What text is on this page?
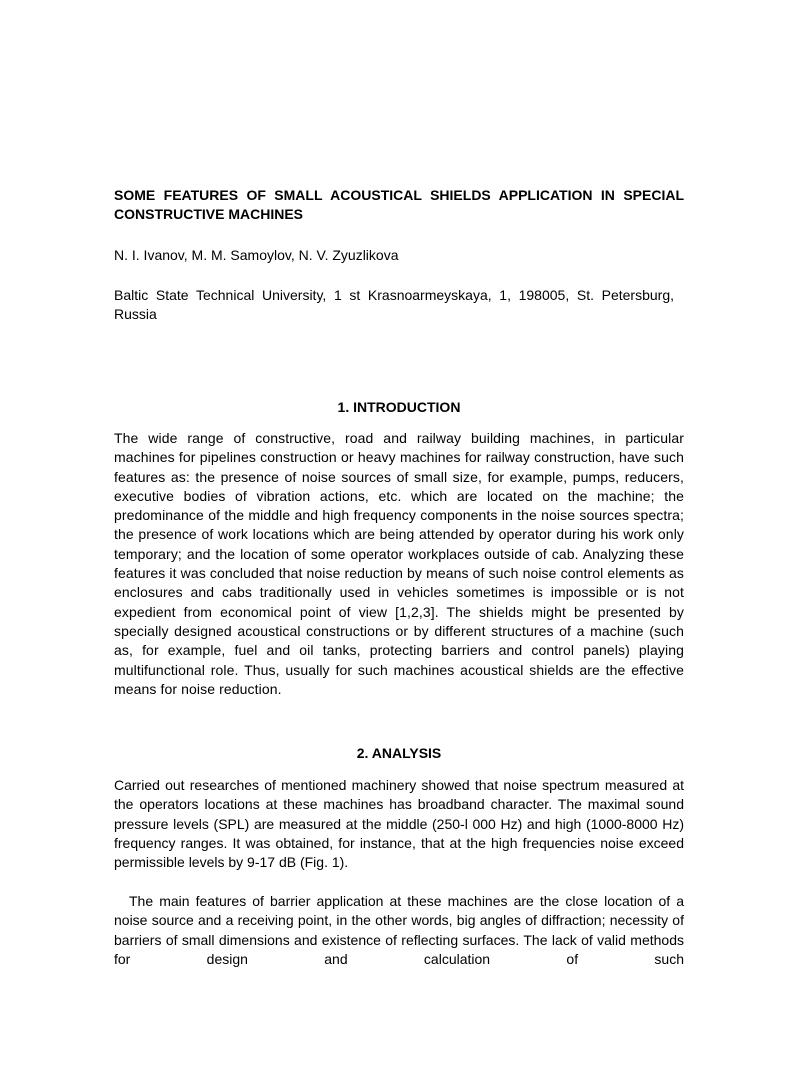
SOME FEATURES OF SMALL ACOUSTICAL SHIELDS APPLICATION IN SPECIAL CONSTRUCTIVE MACHINES

N. I. Ivanov, M. M. Samoylov, N. V. Zyuzlikova

Baltic State Technical University, 1 st Krasnoarmeyskaya, 1, 198005, St. Petersburg, Russia

1. INTRODUCTION

The wide range of constructive, road and railway building machines, in particular machines for pipelines construction or heavy machines for railway construction, have such features as: the presence of noise sources of small size, for example, pumps, reducers, executive bodies of vibration actions, etc. which are located on the machine; the predominance of the middle and high frequency components in the noise sources spectra; the presence of work locations which are being attended by operator during his work only temporary; and the location of some operator workplaces outside of cab. Analyzing these features it was concluded that noise reduction by means of such noise control elements as enclosures and cabs traditionally used in vehicles sometimes is impossible or is not expedient from economical point of view [1,2,3]. The shields might be presented by specially designed acoustical constructions or by different structures of a machine (such as, for example, fuel and oil tanks, protecting barriers and control panels) playing multifunctional role. Thus, usually for such machines acoustical shields are the effective means for noise reduction.

2. ANALYSIS

Carried out researches of mentioned machinery showed that noise spectrum measured at the operators locations at these machines has broadband character. The maximal sound pressure levels (SPL) are measured at the middle (250-l 000 Hz) and high (1000-8000 Hz) frequency ranges. It was obtained, for instance, that at the high frequencies noise exceed permissible levels by 9-17 dB (Fig. 1).

The main features of barrier application at these machines are the close location of a noise source and a receiving point, in the other words, big angles of diffraction; necessity of barriers of small dimensions and existence of reflecting surfaces. The lack of valid methods for design and calculation of such
